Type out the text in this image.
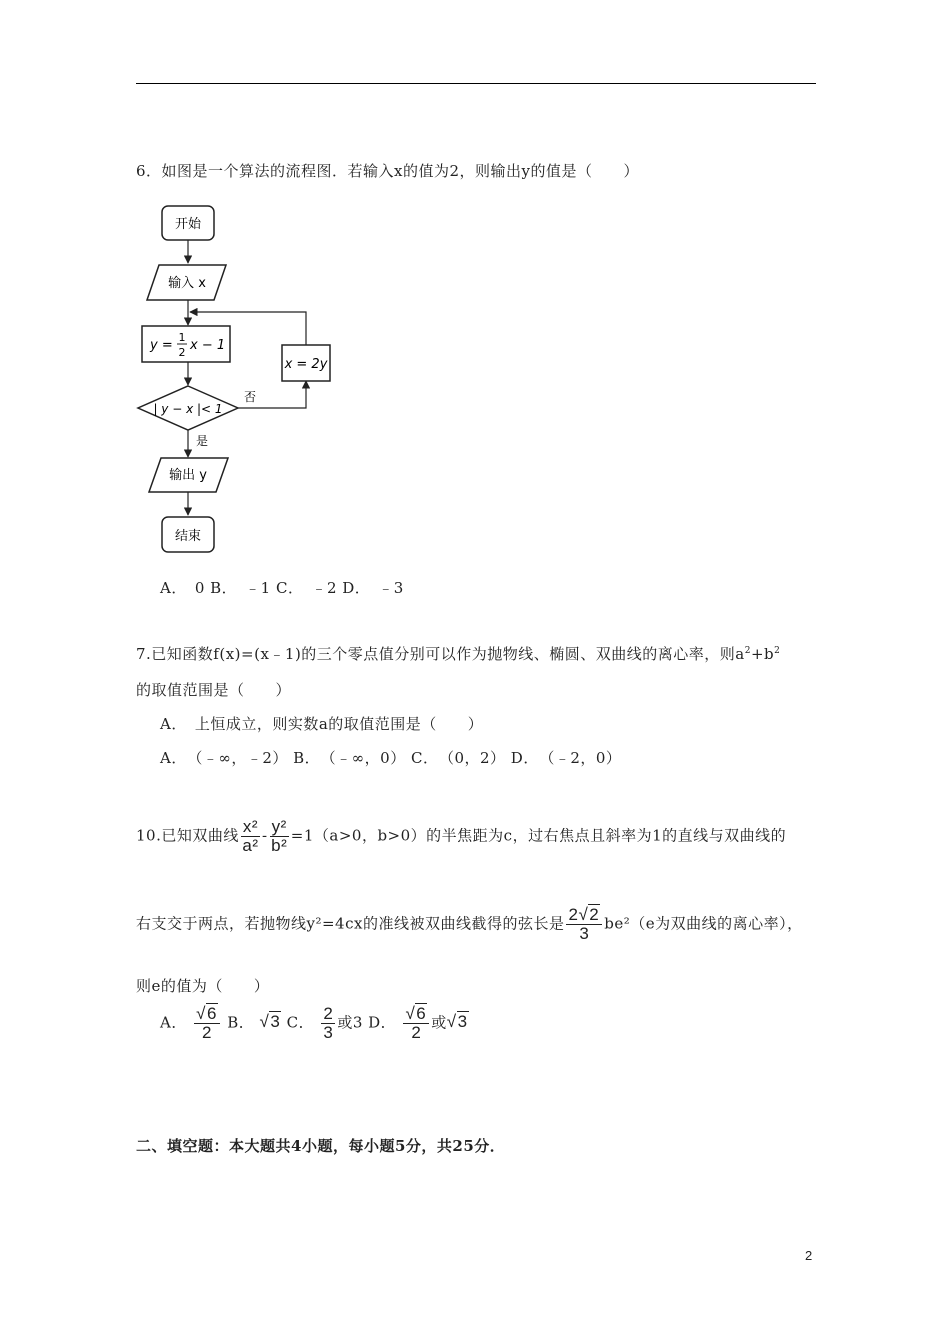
6．如图是一个算法的流程图．若输入x的值为2，则输出y的值是（　　）
开始
输入 x
y =
1
2 x − 1
| y − x |< 1
否
x = 2y
是
输出 y
结束
A．　0 B．　﹣1 C．　﹣2 D．　﹣3
7.已知函数f(x)=(x﹣1)的三个零点值分别可以作为抛物线、椭圆、双曲线的离心率，则$a^2+b^2$
的取值范围是（　　）
A．　上恒成立，则实数a的取值范围是（　　）
A．　（﹣∞，﹣2） B．　（﹣∞，0） C．　（0，2） D．　（﹣2，0）
10.已知双曲线 $\frac{\text{x²}}{\text{a²}} - \frac{\text{y²}}{\text{b²}} =1(a>0$，b>0）的半焦距为c，过右焦点且斜率为1的直线与双曲线的
右支交于两点，若抛物线y²=4cx的准线被双曲线截得的弦长是 $\frac{2√2}{3} be^2(e$为双曲线的离心率），
则e的值为（　　）
A． $\frac{√6}{2}$ B． √3 C． $\frac{2}{3}$ 或3 D． $\frac{√6}{2}$ 或√3
二、填空题：本大题共4小题，每小题5分，共25分．
2
